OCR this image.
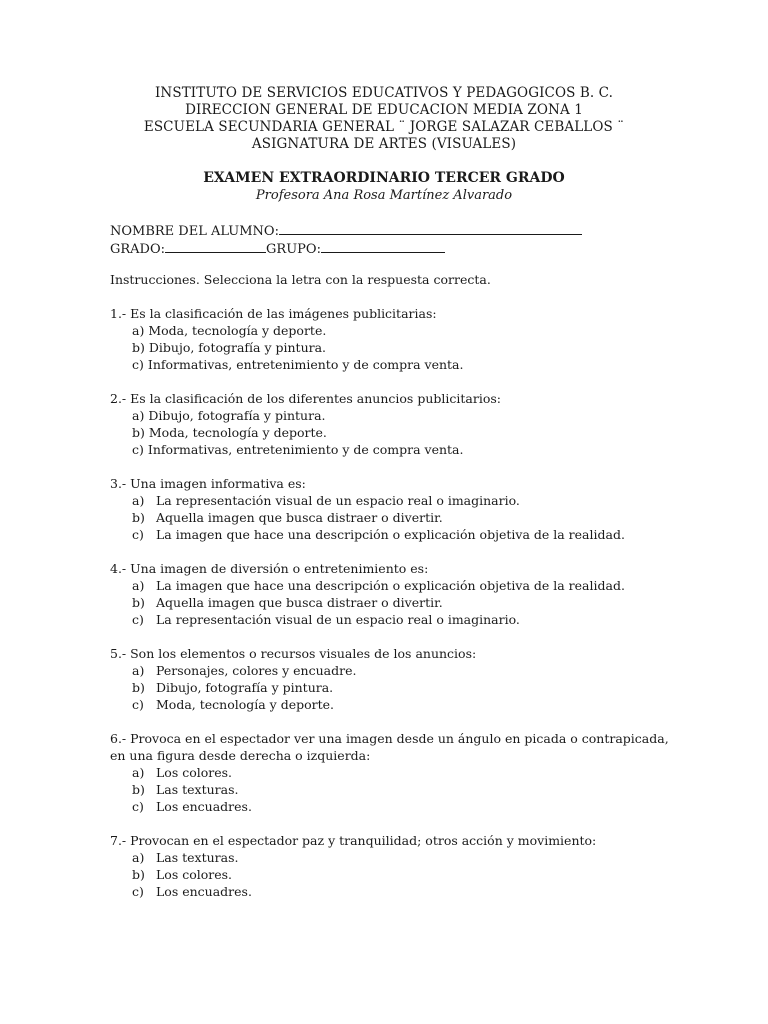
INSTITUTO DE SERVICIOS EDUCATIVOS Y PEDAGOGICOS B. C.
DIRECCION GENERAL DE EDUCACION MEDIA ZONA 1
ESCUELA SECUNDARIA GENERAL ¨ JORGE SALAZAR CEBALLOS ¨
ASIGNATURA DE ARTES (VISUALES)
EXAMEN EXTRAORDINARIO TERCER GRADO
Profesora Ana Rosa Martínez Alvarado
NOMBRE DEL ALUMNO:
GRADO:	GRUPO:
Instrucciones. Selecciona la letra con la respuesta correcta.
1.- Es la clasificación de las imágenes publicitarias:
a) Moda, tecnología y deporte.
b) Dibujo, fotografía y pintura.
c) Informativas, entretenimiento y de compra venta.
2.- Es la clasificación de los diferentes anuncios publicitarios:
a) Dibujo, fotografía y pintura.
b) Moda, tecnología y deporte.
c) Informativas, entretenimiento y de compra venta.
3.- Una imagen informativa es:
a) La representación visual de un espacio real o imaginario.
b) Aquella imagen que busca distraer o divertir.
c) La imagen que hace una descripción o explicación objetiva de la realidad.
4.- Una imagen de diversión o entretenimiento es:
a) La imagen que hace una descripción o explicación objetiva de la realidad.
b) Aquella imagen que busca distraer o divertir.
c) La representación visual de un espacio real o imaginario.
5.- Son los elementos o recursos visuales de los anuncios:
a) Personajes, colores y encuadre.
b) Dibujo, fotografía y pintura.
c) Moda, tecnología y deporte.
6.- Provoca en el espectador ver una imagen desde un ángulo en picada o contrapicada,
en una figura desde derecha o izquierda:
a) Los colores.
b) Las texturas.
c) Los encuadres.
7.- Provocan en el espectador paz y tranquilidad; otros acción y movimiento:
a) Las texturas.
b) Los colores.
c) Los encuadres.
